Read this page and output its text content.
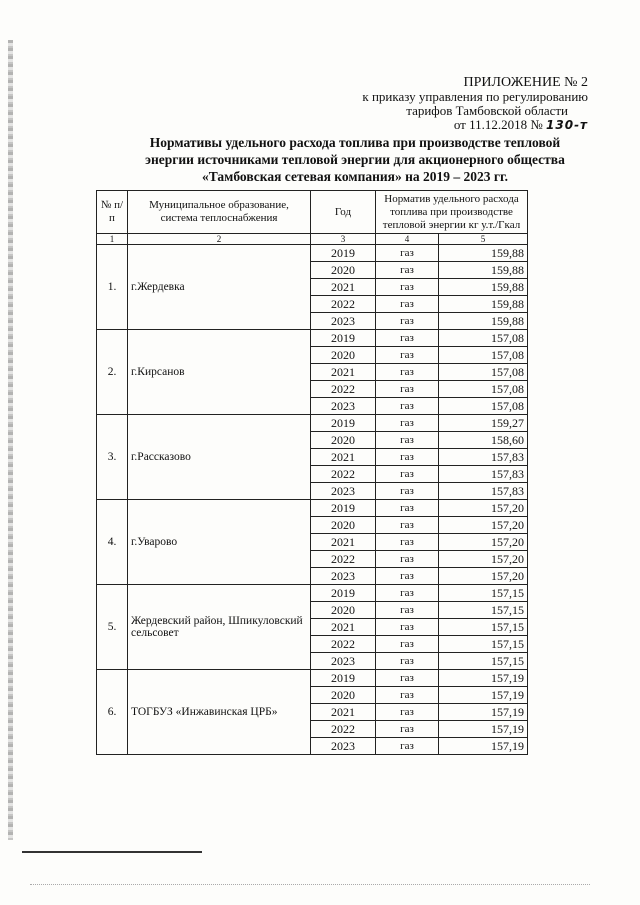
ПРИЛОЖЕНИЕ № 2
к приказу управления по регулированию
тарифов Тамбовской области
от 11.12.2018 № 130-т
Нормативы удельного расхода топлива при производстве тепловой
энергии источниками тепловой энергии для акционерного общества
«Тамбовская сетевая компания» на 2019 – 2023 гг.
№ п/п	Муниципальное образование, система теплоснабжения	Год	Норматив удельного расхода топлива при производстве тепловой энергии кг у.т./Гкал	
1	2	3	4	5
1.	г.Жердевка	2019	газ	159,88
		2020	газ	159,88
		2021	газ	159,88
		2022	газ	159,88
		2023	газ	159,88
2.	г.Кирсанов	2019	газ	157,08
		2020	газ	157,08
		2021	газ	157,08
		2022	газ	157,08
		2023	газ	157,08
3.	г.Рассказово	2019	газ	159,27
		2020	газ	158,60
		2021	газ	157,83
		2022	газ	157,83
		2023	газ	157,83
4.	г.Уварово	2019	газ	157,20
		2020	газ	157,20
		2021	газ	157,20
		2022	газ	157,20
		2023	газ	157,20
5.	Жердевский район, Шпикуловский сельсовет	2019	газ	157,15
		2020	газ	157,15
		2021	газ	157,15
		2022	газ	157,15
		2023	газ	157,15
6.	ТОГБУЗ «Инжавинская ЦРБ»	2019	газ	157,19
		2020	газ	157,19
		2021	газ	157,19
		2022	газ	157,19
		2023	газ	157,19
